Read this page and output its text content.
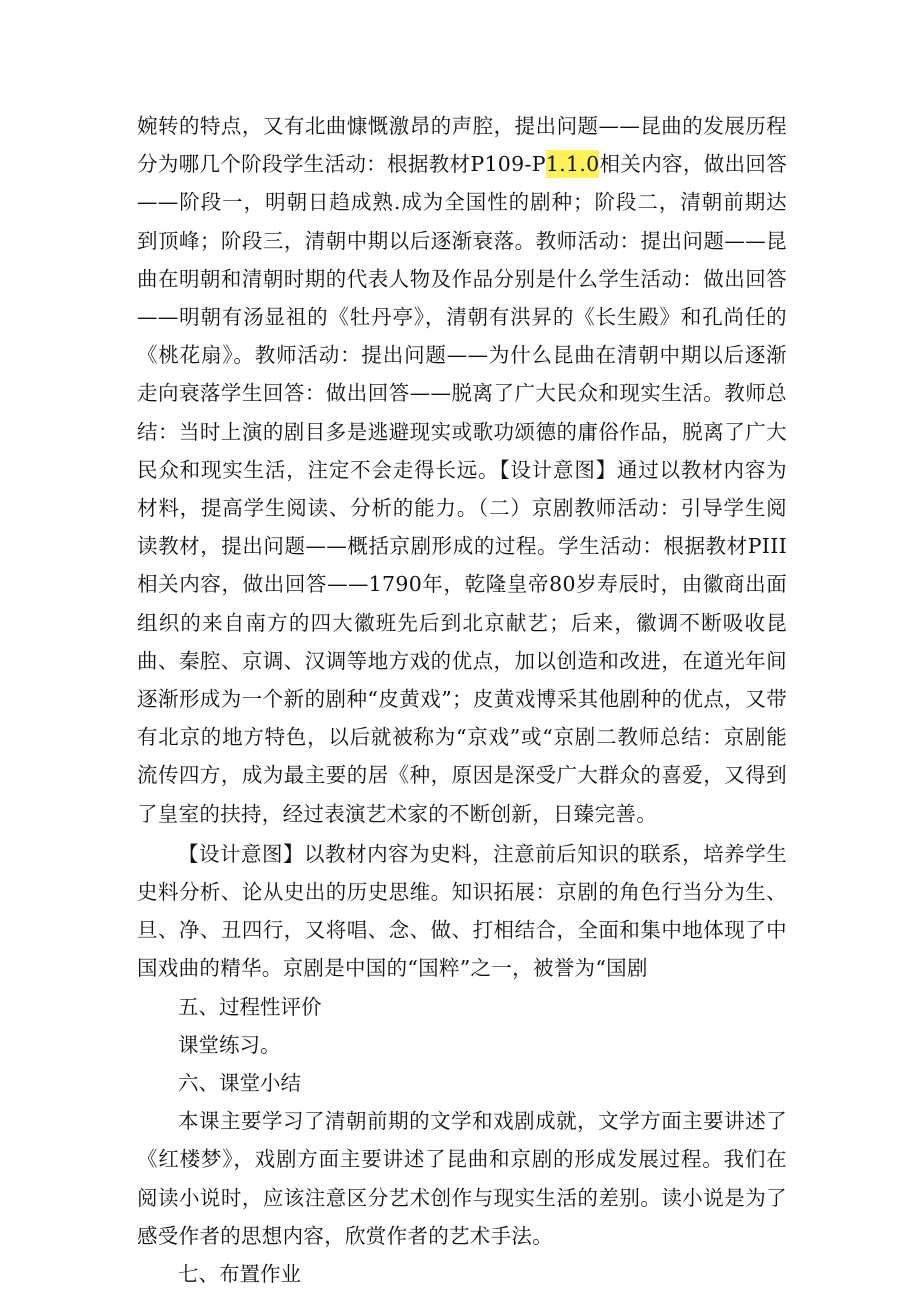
婉转的特点，又有北曲慷慨激昂的声腔，提出问题——昆曲的发展历程分为哪几个阶段学生活动：根据教材P109-P1.1.0相关内容，做出回答——阶段一，明朝日趋成熟.成为全国性的剧种；阶段二，清朝前期达到顶峰；阶段三，清朝中期以后逐渐衰落。教师活动：提出问题——昆曲在明朝和清朝时期的代表人物及作品分别是什么学生活动：做出回答——明朝有汤显祖的《牡丹亭》，清朝有洪昇的《长生殿》和孔尚任的《桃花扇》。教师活动：提出问题——为什么昆曲在清朝中期以后逐渐走向衰落学生回答：做出回答——脱离了广大民众和现实生活。教师总结：当时上演的剧目多是逃避现实或歌功颂德的庸俗作品，脱离了广大民众和现实生活，注定不会走得长远。【设计意图】通过以教材内容为材料，提高学生阅读、分析的能力。（二）京剧教师活动：引导学生阅读教材，提出问题——概括京剧形成的过程。学生活动：根据教材PIII相关内容，做出回答——1790年，乾隆皇帝80岁寿辰时，由徽商出面组织的来自南方的四大徽班先后到北京献艺；后来，徽调不断吸收昆曲、秦腔、京调、汉调等地方戏的优点，加以创造和改进，在道光年间逐渐形成为一个新的剧种“皮黄戏”；皮黄戏博采其他剧种的优点，又带有北京的地方特色，以后就被称为“京戏”或“京剧二教师总结：京剧能流传四方，成为最主要的居《种，原因是深受广大群众的喜爱，又得到了皇室的扶持，经过表演艺术家的不断创新，日臻完善。

【设计意图】以教材内容为史料，注意前后知识的联系，培养学生史料分析、论从史出的历史思维。知识拓展：京剧的角色行当分为生、旦、净、丑四行，又将唱、念、做、打相结合，全面和集中地体现了中国戏曲的精华。京剧是中国的“国粹”之一，被誉为“国剧

五、过程性评价

课堂练习。

六、课堂小结

本课主要学习了清朝前期的文学和戏剧成就，文学方面主要讲述了《红楼梦》，戏剧方面主要讲述了昆曲和京剧的形成发展过程。我们在阅读小说时，应该注意区分艺术创作与现实生活的差别。读小说是为了感受作者的思想内容，欣赏作者的艺术手法。

七、布置作业
